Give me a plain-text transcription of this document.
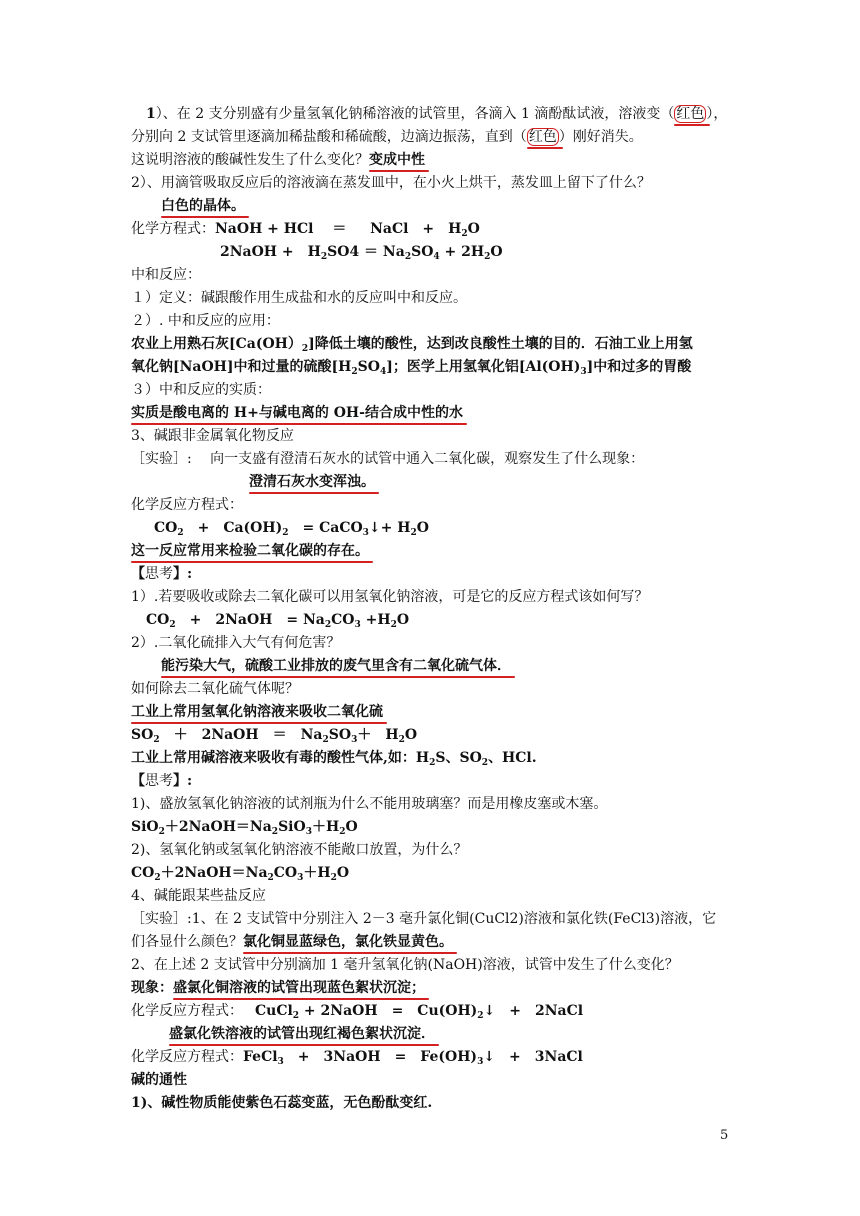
1）、在 2 支分别盛有少量氢氧化钠稀溶液的试管里，各滴入 1 滴酚酞试液，溶液变（ 红色 ），
分别向 2 支试管里逐滴加稀盐酸和稀硫酸，边滴边振荡，直到（ 红色 ）刚好消失。
这说明溶液的酸碱性发生了什么变化？变成中性
2）、用滴管吸取反应后的溶液滴在蒸发皿中，在小火上烘干，蒸发皿上留下了什么？
白色的晶体。
化学方程式：NaOH + HCl　 ＝ 　 NaCl　+　$H_2O$
2NaOH +　$H_2SO4 = Na_2SO_4 + 2H_2O$
中和反应：
１）定义：碱跟酸作用生成盐和水的反应叫中和反应。
２）. 中和反应的应用：
农业上用熟石灰$[Ca(OH)_2]$降低土壤的酸性，达到改良酸性土壤的目的．石油工业上用氢
氧化钠[NaOH]中和过量的硫酸$[H_2SO_4]$；医学上用氢氧化铝$[Al(OH)_3]$中和过多的胃酸
３）中和反应的实质：
实质是酸电离的 H+与碱电离的 OH-结合成中性的水
3、碱跟非金属氧化物反应
［实验］:　 向一支盛有澄清石灰水的试管中通入二氧化碳，观察发生了什么现象：
澄清石灰水变浑浊。
化学反应方程式：
$CO_2$　+　$Ca(OH)_2$　= CaCO$_3$↓+ $H_2O$
这一反应常用来检验二氧化碳的存在。
【思考】:
1）.若要吸收或除去二氧化碳可以用氢氧化钠溶液，可是它的反应方程式该如何写？
$CO_2$　+　2NaOH　= $Na_2CO_3 +H_2O$
2）.二氧化硫排入大气有何危害？
能污染大气，硫酸工业排放的废气里含有二氧化硫气体．
如何除去二氧化硫气体呢？
工业上常用氢氧化钠溶液来吸收二氧化硫
$SO_2$　＋　2NaOH　＝　$Na_2SO_3+$　$H_2O$
工业上常用碱溶液来吸收有毒的酸性气体,如：$H_2S$、$SO_2$、HCl.
【思考】:
1)、盛放氢氧化钠溶液的试剂瓶为什么不能用玻璃塞？而是用橡皮塞或木塞。
$SiO_2+2NaOH=Na_2SiO_3+H_2O$
2)、氢氧化钠或氢氧化钠溶液不能敞口放置，为什么？
$CO_2+2NaOH=Na_2CO_3+H_2O$
4、碱能跟某些盐反应
［实验］:1、在 2 支试管中分别注入 2－3 毫升氯化铜(CuCl2)溶液和氯化铁(FeCl3)溶液，它
们各显什么颜色？氯化铜显蓝绿色，氯化铁显黄色。
2、在上述 2 支试管中分别滴加 1 毫升氢氧化钠(NaOH)溶液，试管中发生了什么变化？
现象：盛氯化铜溶液的试管出现蓝色絮状沉淀；
化学反应方程式： CuCl$_2$ + 2NaOH　=　$Cu(OH)_2↓$　+　2NaCl
盛氯化铁溶液的试管出现红褐色絮状沉淀．
化学反应方程式：FeCl$_3$　+　3NaOH　=　$Fe(OH)_3↓$　+　3NaCl
碱的通性
1)、碱性物质能使紫色石蕊变蓝，无色酚酞变红.
5
